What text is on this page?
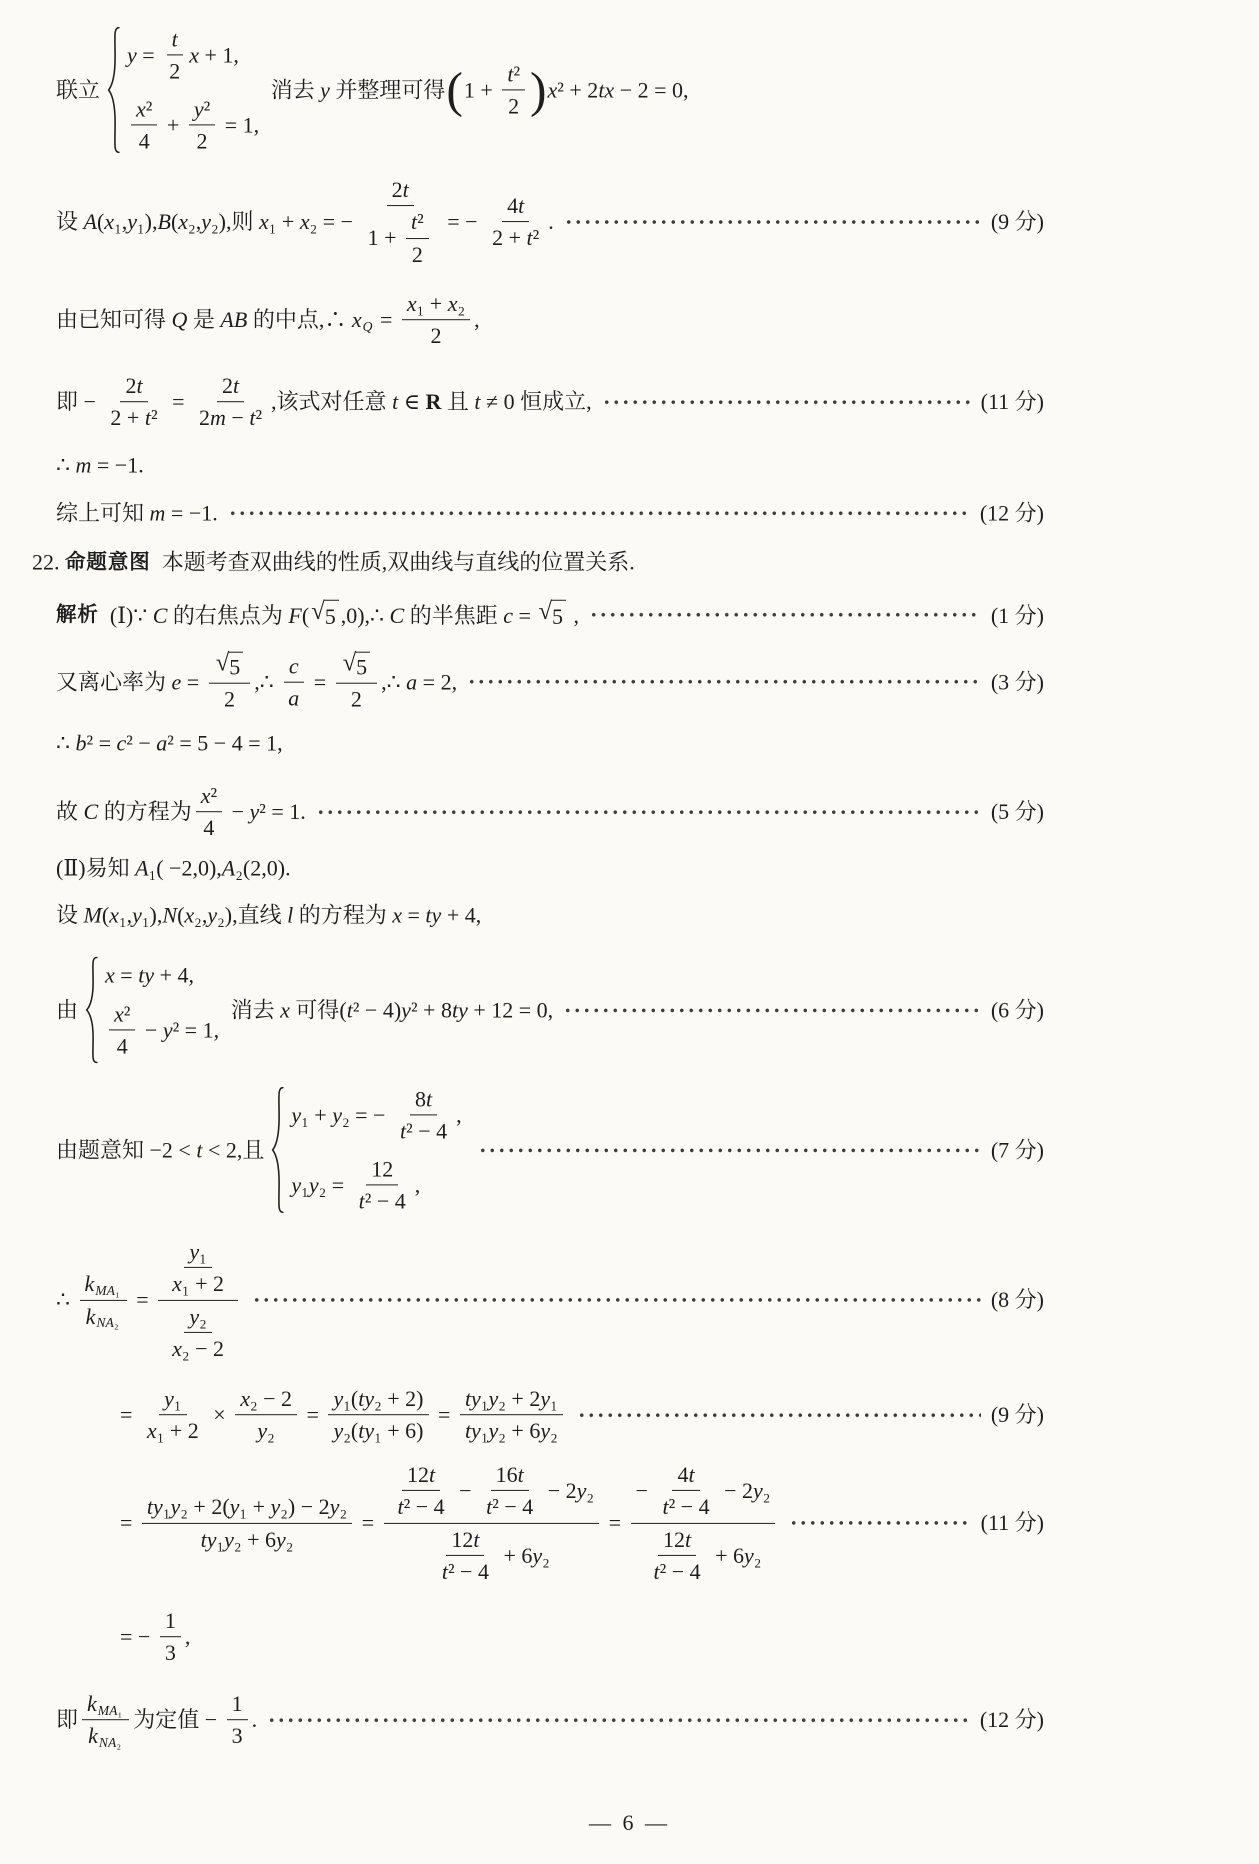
联立
$y = \frac{t}{2}$ x + 1,
$\frac{\text{x²}}{4} + \frac{\text{y²}}{2} = 1$,
消去 y 并整理可得 ( $1 + \frac{\text{t²}}{2}$ ) x² + 2tx − 2 = 0,
设 A(x₁,y₁),B(x₂,y₂),则 x₁ + x₂ = − $\frac{2t}{1 + \frac{\text{t²}}{2}}$ = − $\frac{4t}{\text{2 + t²}}$ .	(9 分)
由已知可得 Q 是 AB 的中点,∴ x $Q = \frac{\text{x₁ + x₂}}{2}$ ,
即 − $\frac{2t}{\text{2 + t²}} = \frac{2t}{\text{2m − t²}}$ ,该式对任意 t ∈ R 且 t ≠ 0 恒成立,	(11 分)
∴ m = −1.
综上可知 m = −1.	(12 分)
22. 命题意图 本题考查双曲线的性质,双曲线与直线的位置关系.
解析 (Ⅰ)∵ C 的右焦点为 F( √ 5 ,0),∴ C 的半焦距 c = √ 5 ,	(1 分)
又离心率为 $e = \frac{√ 5}{2}$ ,∴ $\frac{c}{a} = \frac{√ 5}{2}$ ,∴ a = 2,	(3 分)
∴ b² = c² − a² = 5 − 4 = 1,
故 C 的方程为 $\frac{\text{x²}}{4} - y^2 = 1$.	(5 分)
(Ⅱ)易知 A₁( −2,0),A₂(2,0).
设 M(x₁,y₁),N(x₂,y₂),直线 l 的方程为 x = ty + 4,
由
x = ty + 4,
$\frac{\text{x²}}{4} - y^2 = 1$,
消去 x 可得(t² − 4)y² + 8ty + 12 = 0,	(6 分)
由题意知 −2 < t < 2,且
y₁ + y₂ = − $\frac{8t}{\text{t² − 4}}$ ,
$y_1y_2 = \frac{12}{\text{t² − 4}}$ ,
(7 分)
∴
k MA₁
k NA₂
= $\frac{\frac{\text{y₁}}{\text{x₁ + 2}}}{\frac{\text{y₂}}{\text{x₂ − 2}}}$	(8 分)
= $\frac{\text{y₁}}{\text{x₁ + 2}} \times \frac{\text{x₂ − 2}}{\text{y₂}} = \frac{\text{y₁(ty₂ + 2)}}{\text{y₂(ty₁ + 6)}} = \frac{\text{ty₁y₂ + 2y₁}}{\text{ty₁y₂ + 6y₂}}$	(9 分)
= $\frac{\text{ty₁y₂ + 2(y₁ + y₂) − 2y₂}}{\text{ty₁y₂ + 6y₂}} = \frac{\frac{12t}{\text{t² − 4}} - \frac{16t}{\text{t² − 4}} - 2y_2}{\frac{12t}{\text{t² − 4}} + 6y_2} = \frac{- \frac{4t}{\text{t² − 4}} - 2y_2}{\frac{12t}{\text{t² − 4}} + 6y_2}$	(11 分)
= − $\frac{1}{3}$ ,
即
k MA₁
k NA₂
为定值 − $\frac{1}{3}$ .	(12 分)
— 6 —
